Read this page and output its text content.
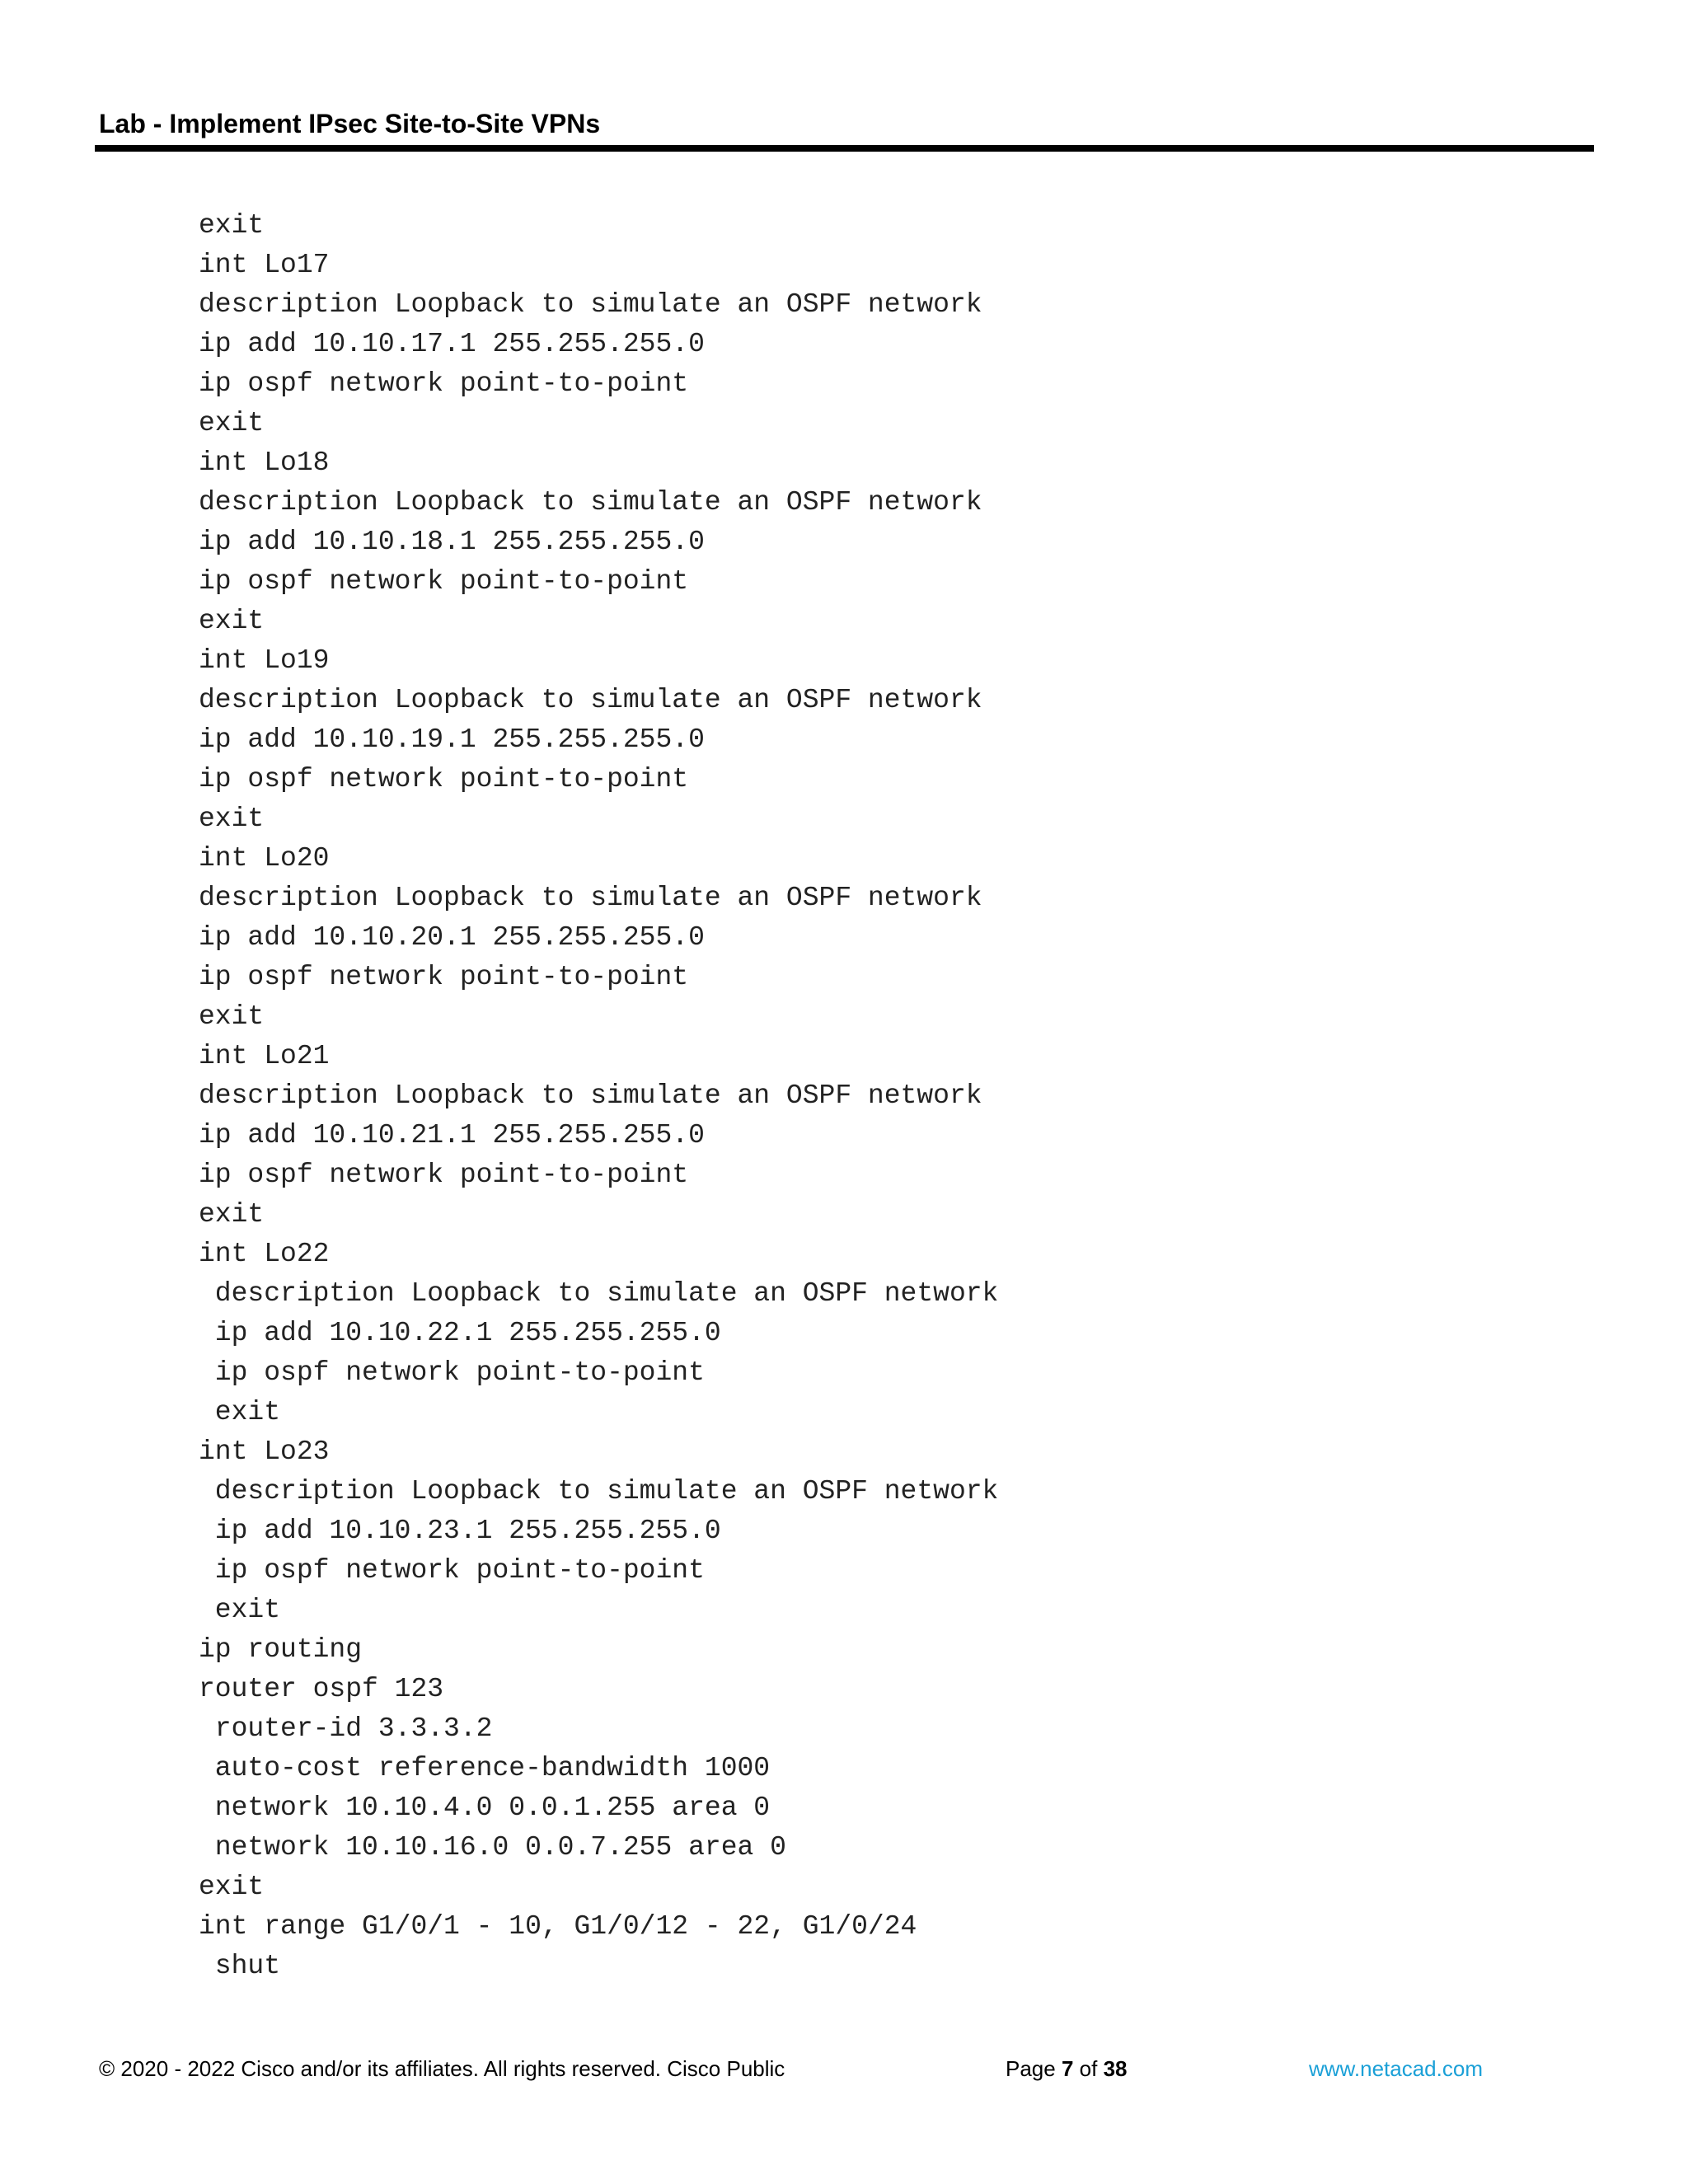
Lab - Implement IPsec Site-to-Site VPNs
exit
int Lo17
description Loopback to simulate an OSPF network
ip add 10.10.17.1 255.255.255.0
ip ospf network point-to-point
exit
int Lo18
description Loopback to simulate an OSPF network
ip add 10.10.18.1 255.255.255.0
ip ospf network point-to-point
exit
int Lo19
description Loopback to simulate an OSPF network
ip add 10.10.19.1 255.255.255.0
ip ospf network point-to-point
exit
int Lo20
description Loopback to simulate an OSPF network
ip add 10.10.20.1 255.255.255.0
ip ospf network point-to-point
exit
int Lo21
description Loopback to simulate an OSPF network
ip add 10.10.21.1 255.255.255.0
ip ospf network point-to-point
exit
int Lo22
description Loopback to simulate an OSPF network
ip add 10.10.22.1 255.255.255.0
ip ospf network point-to-point
exit
int Lo23
description Loopback to simulate an OSPF network
ip add 10.10.23.1 255.255.255.0
ip ospf network point-to-point
exit
ip routing
router ospf 123
router-id 3.3.3.2
auto-cost reference-bandwidth 1000
network 10.10.4.0 0.0.1.255 area 0
network 10.10.16.0 0.0.7.255 area 0
exit
int range G1/0/1 - 10, G1/0/12 - 22, G1/0/24
shut
© 2020 - 2022 Cisco and/or its affiliates. All rights reserved. Cisco Public	Page 7 of 38	www.netacad.com
